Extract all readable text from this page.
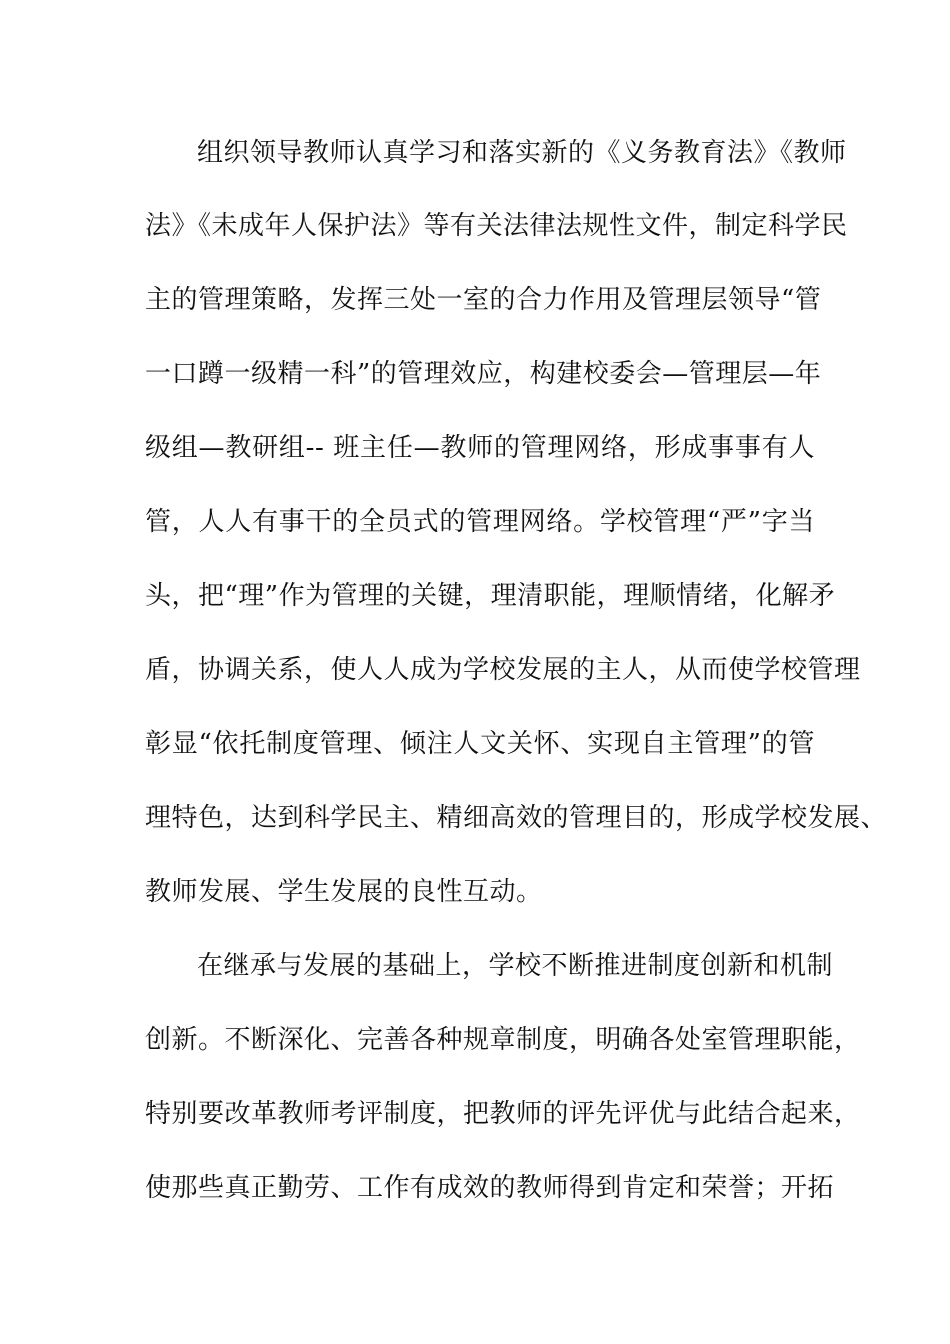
组织领导教师认真学习和落实新的《义务教育法》《教师
法》《未成年人保护法》等有关法律法规性文件，制定科学民
主的管理策略，发挥三处一室的合力作用及管理层领导“管
一口蹲一级精一科”的管理效应，构建校委会—管理层—年
级组—教研组-- 班主任—教师的管理网络，形成事事有人
管，人人有事干的全员式的管理网络。学校管理“严”字当
头，把“理”作为管理的关键，理清职能，理顺情绪，化解矛
盾，协调关系，使人人成为学校发展的主人，从而使学校管理
彰显“依托制度管理、倾注人文关怀、实现自主管理”的管
理特色，达到科学民主、精细高效的管理目的，形成学校发展、
教师发展、学生发展的良性互动。
在继承与发展的基础上，学校不断推进制度创新和机制
创新。不断深化、完善各种规章制度，明确各处室管理职能，
特别要改革教师考评制度，把教师的评先评优与此结合起来，
使那些真正勤劳、工作有成效的教师得到肯定和荣誉；开拓
